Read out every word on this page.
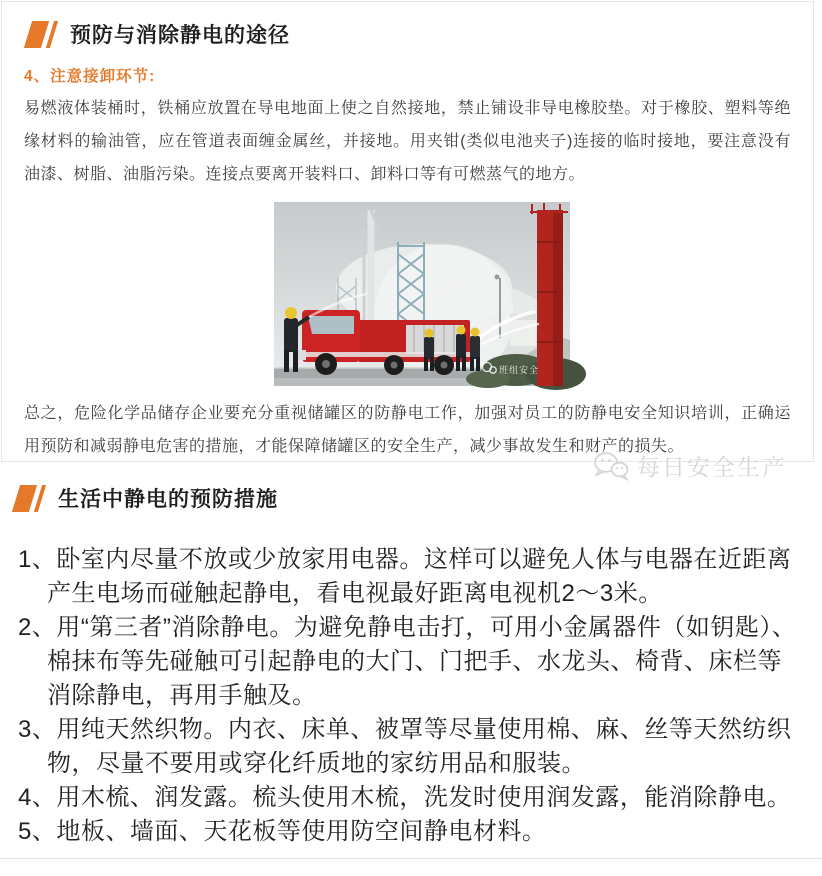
预防与消除静电的途径
4、注意接卸环节:

易燃液体装桶时，铁桶应放置在导电地面上使之自然接地，禁止铺设非导电橡胶垫。对于橡胶、塑料等绝缘材料的输油管，应在管道表面缠金属丝，并接地。用夹钳(类似电池夹子)连接的临时接地，要注意没有油漆、树脂、油脂污染。连接点要离开装料口、卸料口等有可燃蒸气的地方。

班组安全

总之，危险化学品储存企业要充分重视储罐区的防静电工作，加强对员工的防静电安全知识培训，正确运用预防和减弱静电危害的措施，才能保障储罐区的安全生产，减少事故发生和财产的损失。

每日安全生产
生活中静电的预防措施
1、卧室内尽量不放或少放家用电器。这样可以避免人体与电器在近距离产生电场而碰触起静电，看电视最好距离电视机2～3米。
2、用“第三者”消除静电。为避免静电击打，可用小金属器件（如钥匙）、棉抹布等先碰触可引起静电的大门、门把手、水龙头、椅背、床栏等消除静电，再用手触及。
3、用纯天然织物。内衣、床单、被罩等尽量使用棉、麻、丝等天然纺织物，尽量不要用或穿化纤质地的家纺用品和服装。
4、用木梳、润发露。梳头使用木梳，洗发时使用润发露，能消除静电。
5、地板、墙面、天花板等使用防空间静电材料。
